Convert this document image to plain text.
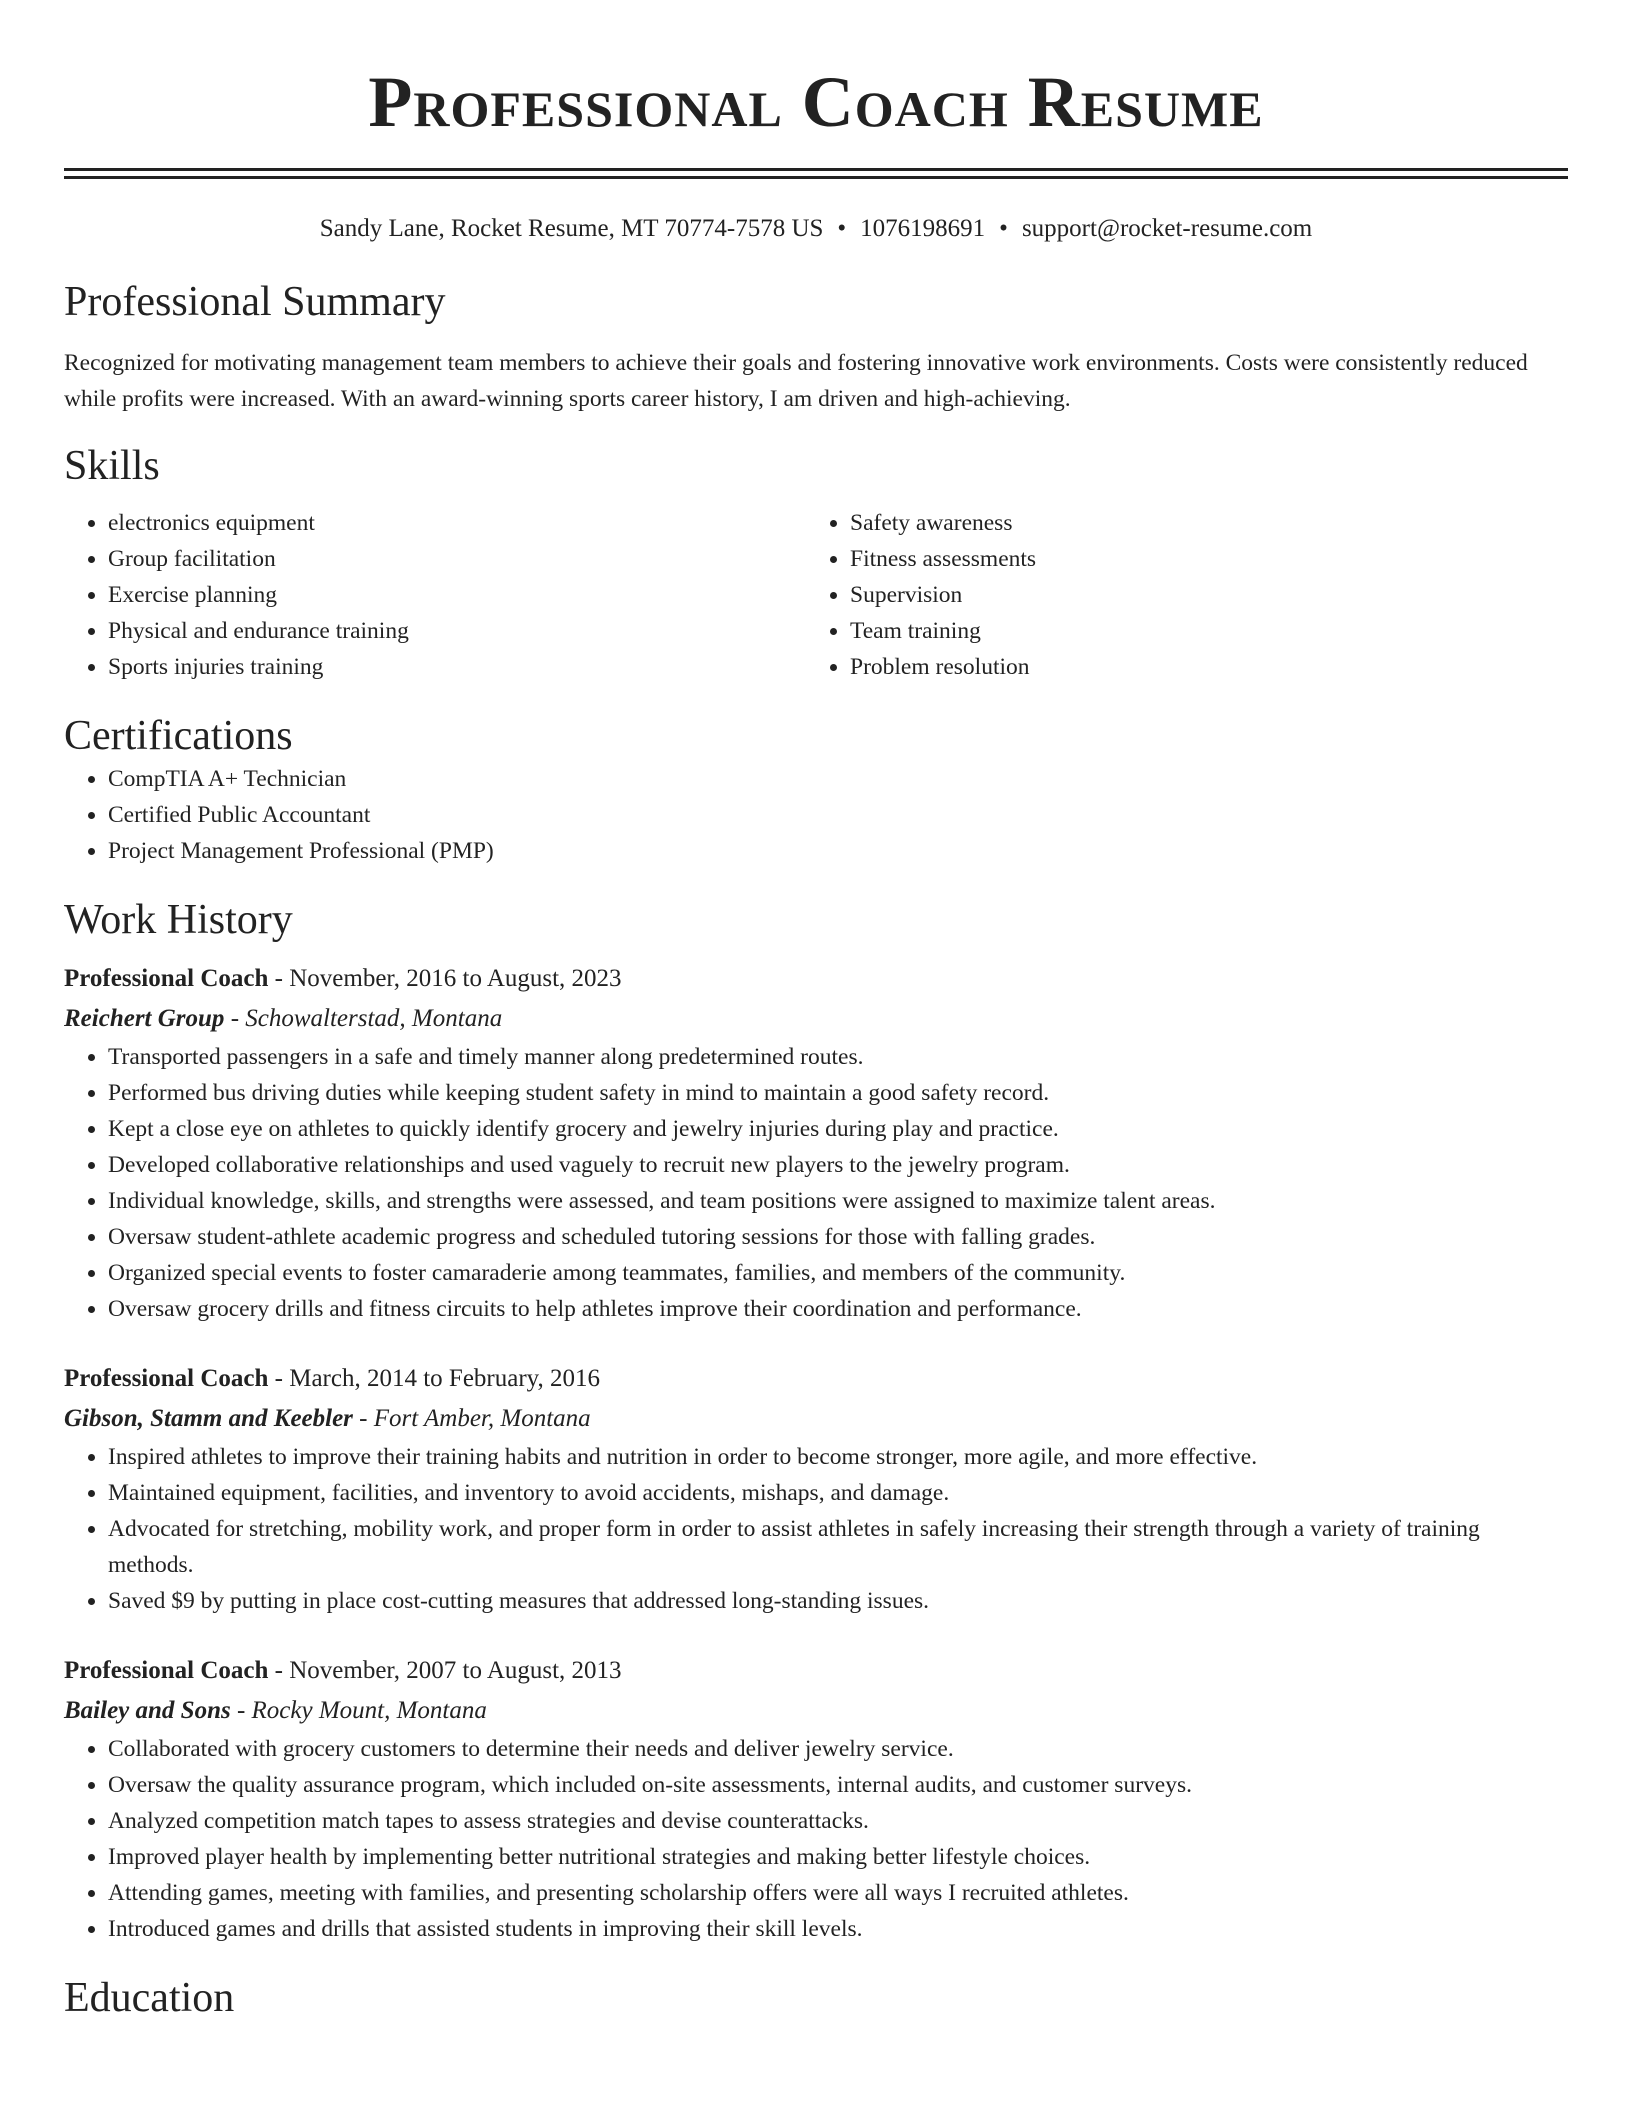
Professional Coach Resume
Sandy Lane, Rocket Resume, MT 70774-7578 US • 1076198691 • support@rocket-resume.com
Professional Summary

Recognized for motivating management team members to achieve their goals and fostering innovative work environments. Costs were consistently reduced while profits were increased. With an award-winning sports career history, I am driven and high-achieving.

Skills
• electronics equipment
• Group facilitation
• Exercise planning
• Physical and endurance training
• Sports injuries training
• Safety awareness
• Fitness assessments
• Supervision
• Team training
• Problem resolution
Certifications
• CompTIA A+ Technician
• Certified Public Accountant
• Project Management Professional (PMP)
Work History
Professional Coach - November, 2016 to August, 2023
Reichert Group - Schowalterstad, Montana
• Transported passengers in a safe and timely manner along predetermined routes.
• Performed bus driving duties while keeping student safety in mind to maintain a good safety record.
• Kept a close eye on athletes to quickly identify grocery and jewelry injuries during play and practice.
• Developed collaborative relationships and used vaguely to recruit new players to the jewelry program.
• Individual knowledge, skills, and strengths were assessed, and team positions were assigned to maximize talent areas.
• Oversaw student-athlete academic progress and scheduled tutoring sessions for those with falling grades.
• Organized special events to foster camaraderie among teammates, families, and members of the community.
• Oversaw grocery drills and fitness circuits to help athletes improve their coordination and performance.
Professional Coach - March, 2014 to February, 2016
Gibson, Stamm and Keebler - Fort Amber, Montana
• Inspired athletes to improve their training habits and nutrition in order to become stronger, more agile, and more effective.
• Maintained equipment, facilities, and inventory to avoid accidents, mishaps, and damage.
• Advocated for stretching, mobility work, and proper form in order to assist athletes in safely increasing their strength through a variety of training methods.
• Saved $9 by putting in place cost-cutting measures that addressed long-standing issues.
Professional Coach - November, 2007 to August, 2013
Bailey and Sons - Rocky Mount, Montana
• Collaborated with grocery customers to determine their needs and deliver jewelry service.
• Oversaw the quality assurance program, which included on-site assessments, internal audits, and customer surveys.
• Analyzed competition match tapes to assess strategies and devise counterattacks.
• Improved player health by implementing better nutritional strategies and making better lifestyle choices.
• Attending games, meeting with families, and presenting scholarship offers were all ways I recruited athletes.
• Introduced games and drills that assisted students in improving their skill levels.
Education
